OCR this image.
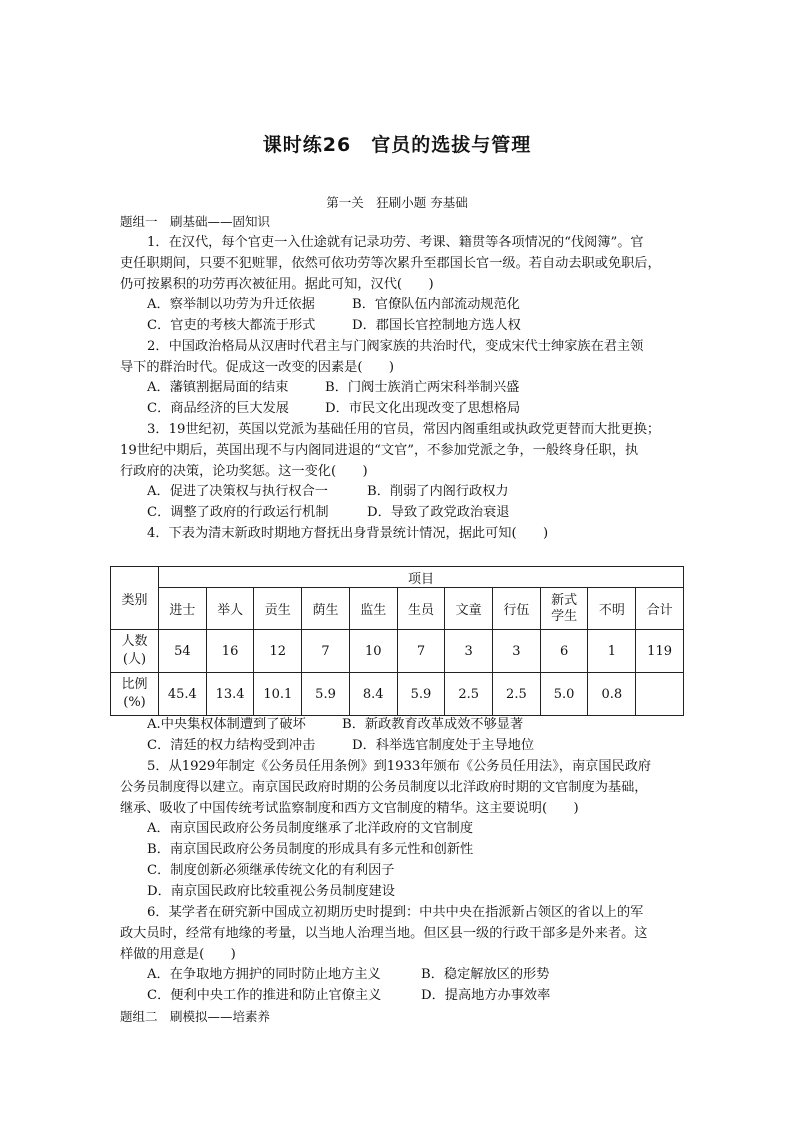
课时练26　官员的选拔与管理
第一关　狂刷小题 夯基础
题组一　刷基础——固知识
1．在汉代，每个官吏一入仕途就有记录功劳、考课、籍贯等各项情况的“伐阅簿”。官
吏任职期间，只要不犯赃罪，依然可依功劳等次累升至郡国长官一级。若自动去职或免职后，
仍可按累积的功劳再次被征用。据此可知，汉代(　　)
A．察举制以功劳为升迁依据	B．官僚队伍内部流动规范化
C．官吏的考核大都流于形式	D．郡国长官控制地方选人权
2．中国政治格局从汉唐时代君主与门阀家族的共治时代，变成宋代士绅家族在君主领
导下的群治时代。促成这一改变的因素是(　　)
A．藩镇割据局面的结束	B．门阀士族消亡两宋科举制兴盛
C．商品经济的巨大发展	D．市民文化出现改变了思想格局
3．19世纪初，英国以党派为基础任用的官员，常因内阁重组或执政党更替而大批更换；
19世纪中期后，英国出现不与内阁同进退的“文官”，不参加党派之争，一般终身任职，执
行政府的决策，论功奖惩。这一变化(　　)
A．促进了决策权与执行权合一	B．削弱了内阁行政权力
C．调整了政府的行政运行机制	D．导致了政党政治衰退
4．下表为清末新政时期地方督抚出身背景统计情况，据此可知(　　)
类别	项目										
	进士	举人	贡生	荫生	监生	生员	文童	行伍	新式学生	不明	合计
人数(人)	54	16	12	7	10	7	3	3	6	1	119
比例(%)	45.4	13.4	10.1	5.9	8.4	5.9	2.5	2.5	5.0	0.8	
A.中央集权体制遭到了破坏	B．新政教育改革成效不够显著
C．清廷的权力结构受到冲击	D．科举选官制度处于主导地位
5．从1929年制定《公务员任用条例》到1933年颁布《公务员任用法》，南京国民政府
公务员制度得以建立。南京国民政府时期的公务员制度以北洋政府时期的文官制度为基础，
继承、吸收了中国传统考试监察制度和西方文官制度的精华。这主要说明(　　)
A．南京国民政府公务员制度继承了北洋政府的文官制度
B．南京国民政府公务员制度的形成具有多元性和创新性
C．制度创新必须继承传统文化的有利因子
D．南京国民政府比较重视公务员制度建设
6．某学者在研究新中国成立初期历史时提到：中共中央在指派新占领区的省以上的军
政大员时，经常有地缘的考量，以当地人治理当地。但区县一级的行政干部多是外来者。这
样做的用意是(　　)
A．在争取地方拥护的同时防止地方主义	B．稳定解放区的形势
C．便利中央工作的推进和防止官僚主义	D．提高地方办事效率
题组二　刷模拟——培素养
